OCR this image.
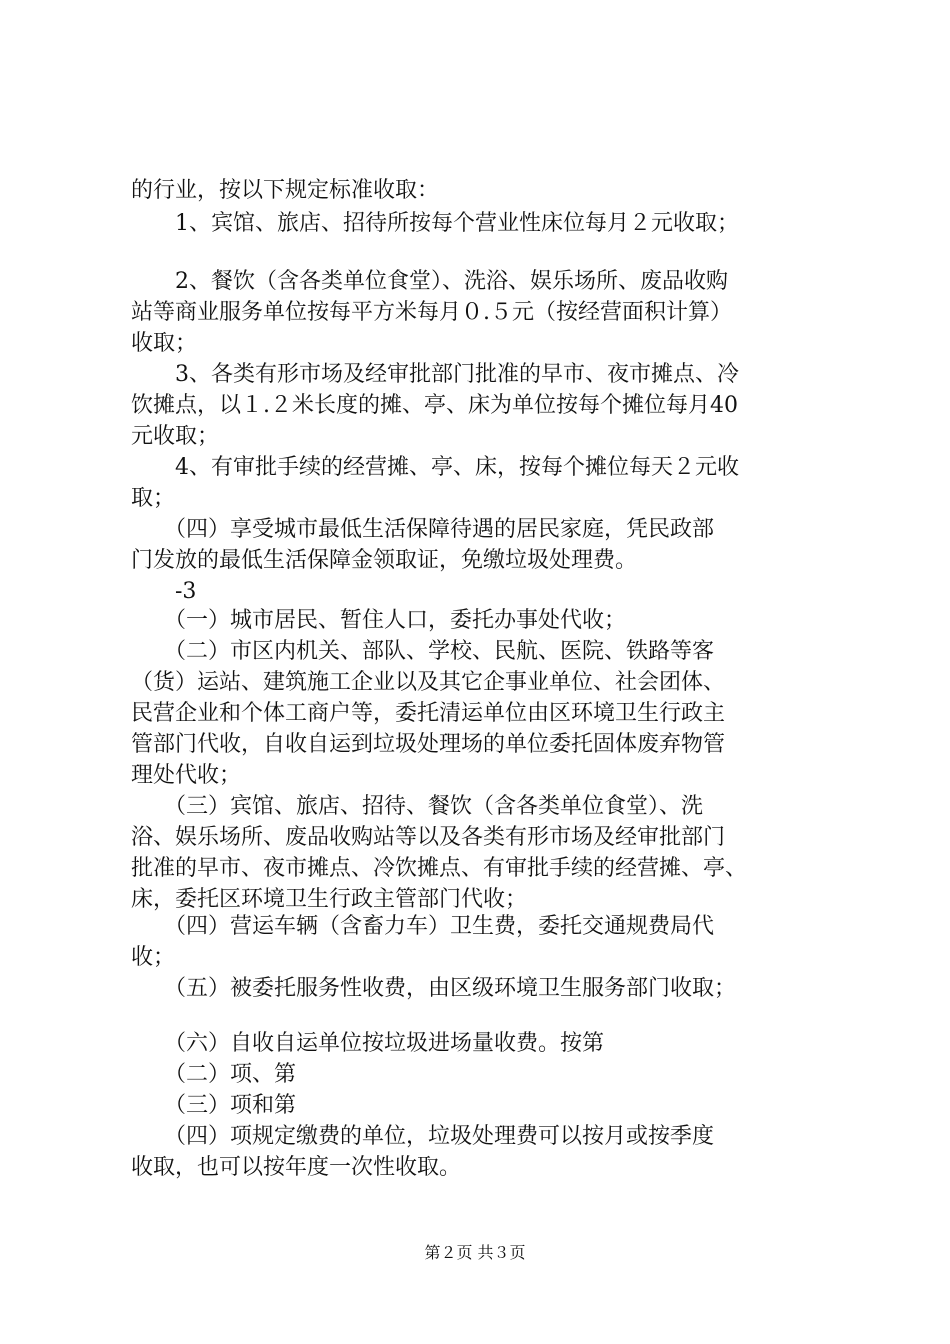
的行业，按以下规定标准收取：
　　1、宾馆、旅店、招待所按每个营业性床位每月２元收取；
　　2、餐饮（含各类单位食堂）、洗浴、娱乐场所、废品收购
站等商业服务单位按每平方米每月０.５元（按经营面积计算）
收取；
　　3、各类有形市场及经审批部门批准的早市、夜市摊点、冷
饮摊点，以１.２米长度的摊、亭、床为单位按每个摊位每月40
元收取；
　　4、有审批手续的经营摊、亭、床，按每个摊位每天２元收
取；
　　（四）享受城市最低生活保障待遇的居民家庭，凭民政部
门发放的最低生活保障金领取证，免缴垃圾处理费。
　　-3
　　（一）城市居民、暂住人口，委托办事处代收；
　　（二）市区内机关、部队、学校、民航、医院、铁路等客
（货）运站、建筑施工企业以及其它企事业单位、社会团体、
民营企业和个体工商户等，委托清运单位由区环境卫生行政主
管部门代收，自收自运到垃圾处理场的单位委托固体废弃物管
理处代收；
　　（三）宾馆、旅店、招待、餐饮（含各类单位食堂）、洗
浴、娱乐场所、废品收购站等以及各类有形市场及经审批部门
批准的早市、夜市摊点、冷饮摊点、有审批手续的经营摊、亭、
床，委托区环境卫生行政主管部门代收；
　　（四）营运车辆（含畜力车）卫生费，委托交通规费局代
收；
　　（五）被委托服务性收费，由区级环境卫生服务部门收取；
　　（六）自收自运单位按垃圾进场量收费。按第
　　（二）项、第
　　（三）项和第
　　（四）项规定缴费的单位，垃圾处理费可以按月或按季度
收取，也可以按年度一次性收取。
第２页 共３页
